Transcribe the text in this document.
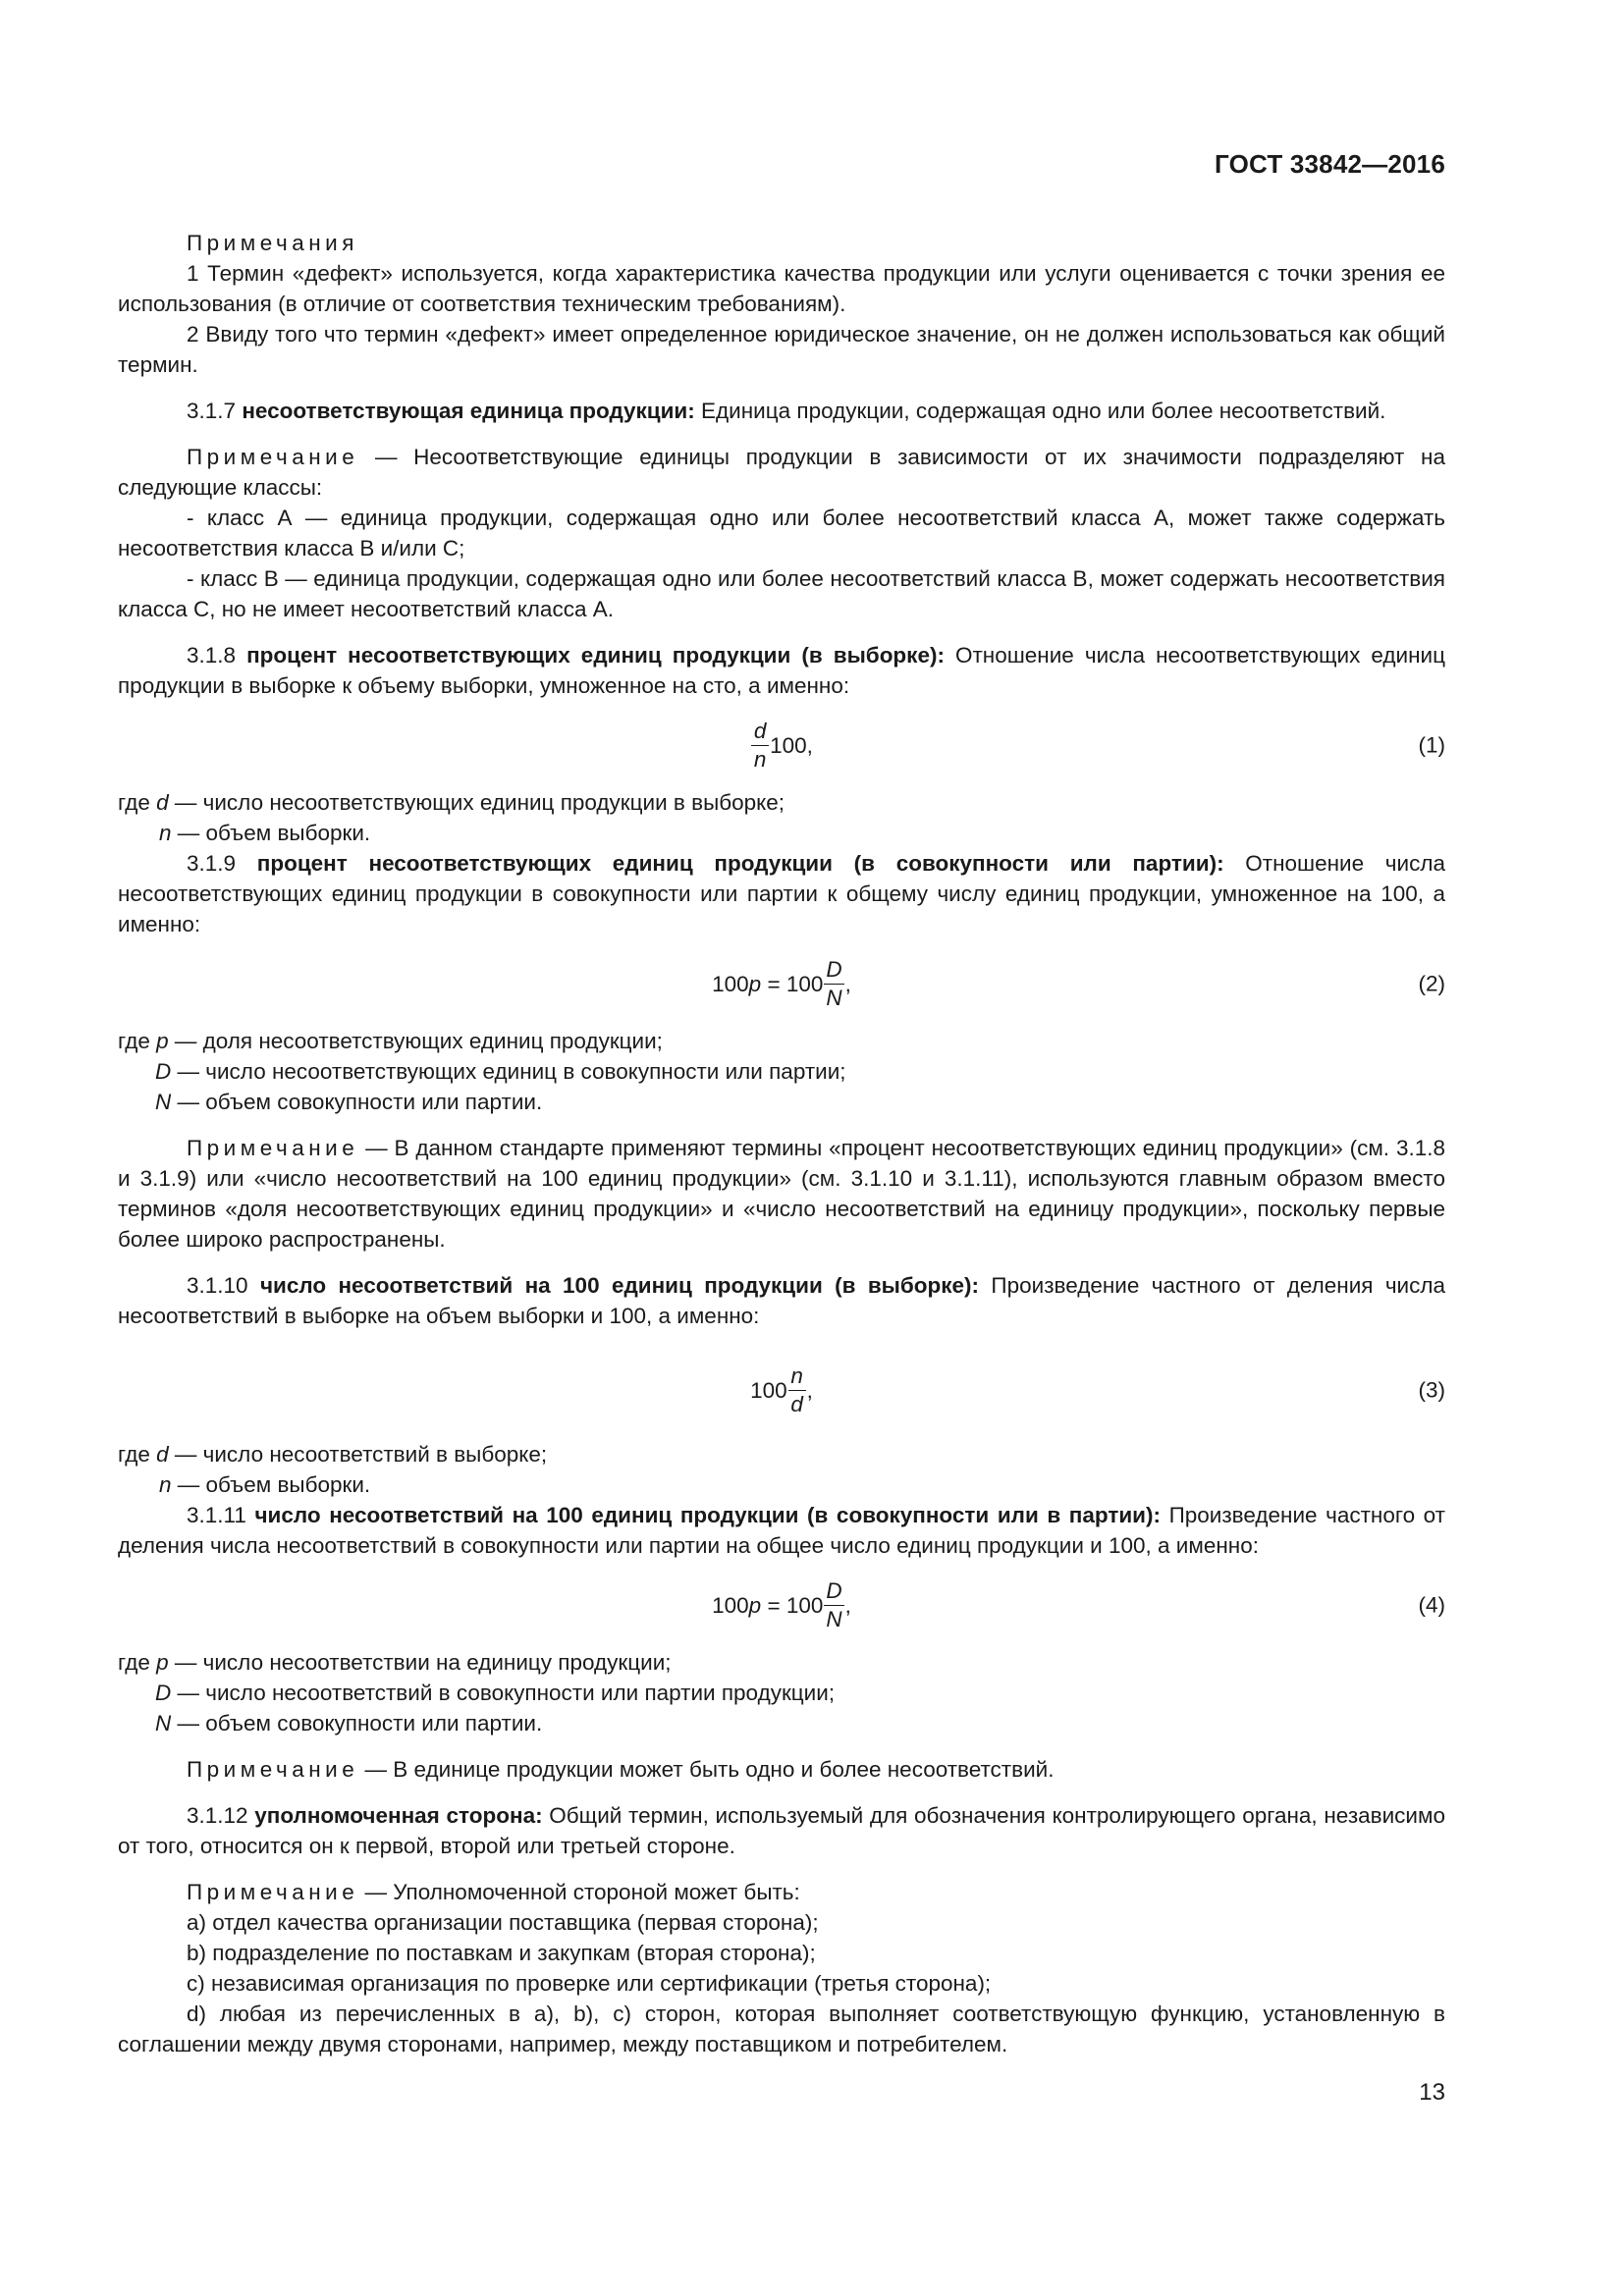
ГОСТ 33842—2016

Примечания

1 Термин «дефект» используется, когда характеристика качества продукции или услуги оценивается с точки зрения ее использования (в отличие от соответствия техническим требованиям).

2 Ввиду того что термин «дефект» имеет определенное юридическое значение, он не должен использоваться как общий термин.

3.1.7 несоответствующая единица продукции: Единица продукции, содержащая одно или более несоответствий.

Примечание — Несоответствующие единицы продукции в зависимости от их значимости подразделяют на следующие классы:

- класс А — единица продукции, содержащая одно или более несоответствий класса А, может также содержать несоответствия класса В и/или С;

- класс В — единица продукции, содержащая одно или более несоответствий класса В, может содержать несоответствия класса С, но не имеет несоответствий класса А.

3.1.8 процент несоответствующих единиц продукции (в выборке): Отношение числа несоответствующих единиц продукции в выборке к объему выборки, умноженное на сто, а именно:

$\frac{d}{n} 100$,	(1)

где d — число несоответствующих единиц продукции в выборке;

n — объем выборки.

3.1.9 процент несоответствующих единиц продукции (в совокупности или партии): Отношение числа несоответствующих единиц продукции в совокупности или партии к общему числу единиц продукции, умноженное на 100, а именно:

100 p
= $100 \frac{D}{N}$ ,	(2)

где p — доля несоответствующих единиц продукции;

D — число несоответствующих единиц в совокупности или партии;

N — объем совокупности или партии.

Примечание — В данном стандарте применяют термины «процент несоответствующих единиц продукции» (см. 3.1.8 и 3.1.9) или «число несоответствий на 100 единиц продукции» (см. 3.1.10 и 3.1.11), используются главным образом вместо терминов «доля несоответствующих единиц продукции» и «число несоответствий на единицу продукции», поскольку первые более широко распространены.

3.1.10 число несоответствий на 100 единиц продукции (в выборке): Произведение частного от деления числа несоответствий в выборке на объем выборки и 100, а именно:

$100 \frac{n}{d}$ ,	(3)

где d — число несоответствий в выборке;

n — объем выборки.

3.1.11 число несоответствий на 100 единиц продукции (в совокупности или в партии): Произведение частного от деления числа несоответствий в совокупности или партии на общее число единиц продукции и 100, а именно:

100 p
= $100 \frac{D}{N}$ ,	(4)

где p — число несоответствии на единицу продукции;

D — число несоответствий в совокупности или партии продукции;

N — объем совокупности или партии.

Примечание — В единице продукции может быть одно и более несоответствий.

3.1.12 уполномоченная сторона: Общий термин, используемый для обозначения контролирующего органа, независимо от того, относится он к первой, второй или третьей стороне.

Примечание — Уполномоченной стороной может быть:

a) отдел качества организации поставщика (первая сторона);

b) подразделение по поставкам и закупкам (вторая сторона);

c) независимая организация по проверке или сертификации (третья сторона);

d) любая из перечисленных в a), b), c) сторон, которая выполняет соответствующую функцию, установленную в соглашении между двумя сторонами, например, между поставщиком и потребителем.

13
